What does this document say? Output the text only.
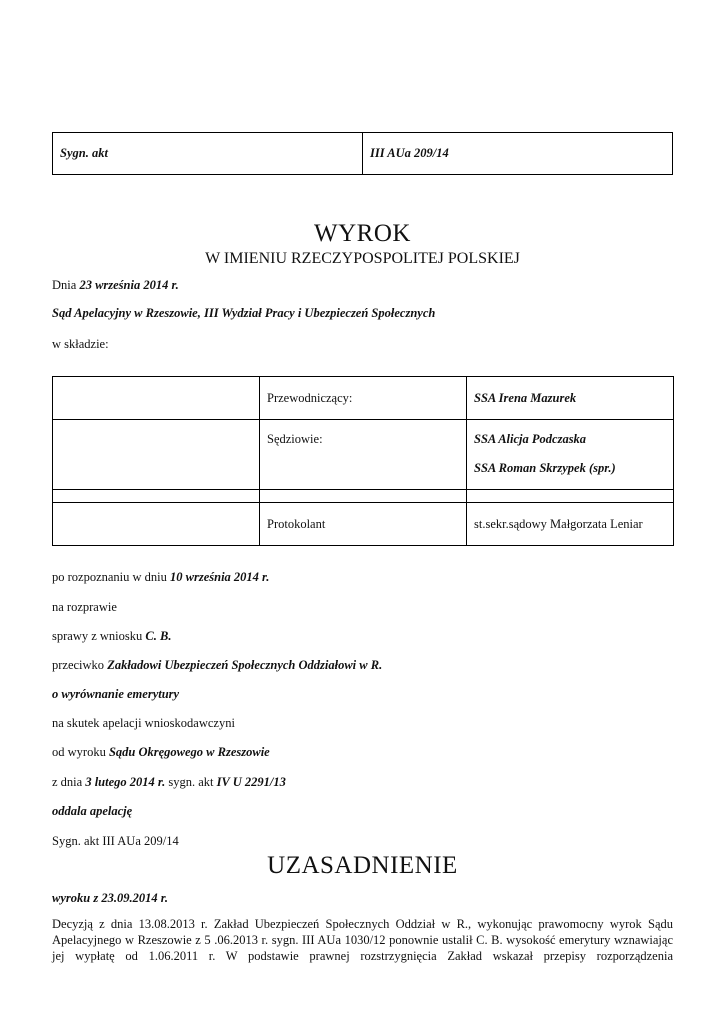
Sygn. akt	III AUa 209/14
WYROK
W IMIENIU RZECZYPOSPOLITEJ POLSKIEJ
Dnia 23 września 2014 r.
Sąd Apelacyjny w Rzeszowie, III Wydział Pracy i Ubezpieczeń Społecznych
w składzie:
	Przewodniczący:	SSA Irena Mazurek
	Sędziowie:	SSA Alicja Podczaska
SSA Roman Skrzypek (spr.)

	Protokolant	st.sekr.sądowy Małgorzata Leniar
po rozpoznaniu w dniu 10 września 2014 r.
na rozprawie
sprawy z wniosku C. B.
przeciwko Zakładowi Ubezpieczeń Społecznych Oddziałowi w R.
o wyrównanie emerytury
na skutek apelacji wnioskodawczyni
od wyroku Sądu Okręgowego w Rzeszowie
z dnia 3 lutego 2014 r. sygn. akt IV U 2291/13
oddala apelację
Sygn. akt III AUa 209/14
UZASADNIENIE
wyroku z 23.09.2014 r.
Decyzją z dnia 13.08.2013 r. Zakład Ubezpieczeń Społecznych Oddział w R., wykonując prawomocny wyrok Sądu Apelacyjnego w Rzeszowie z 5 .06.2013 r. sygn. III AUa 1030/12 ponownie ustalił C. B. wysokość emerytury wznawiając jej wypłatę od 1.06.2011 r. W podstawie prawnej rozstrzygnięcia Zakład wskazał przepisy rozporządzenia
